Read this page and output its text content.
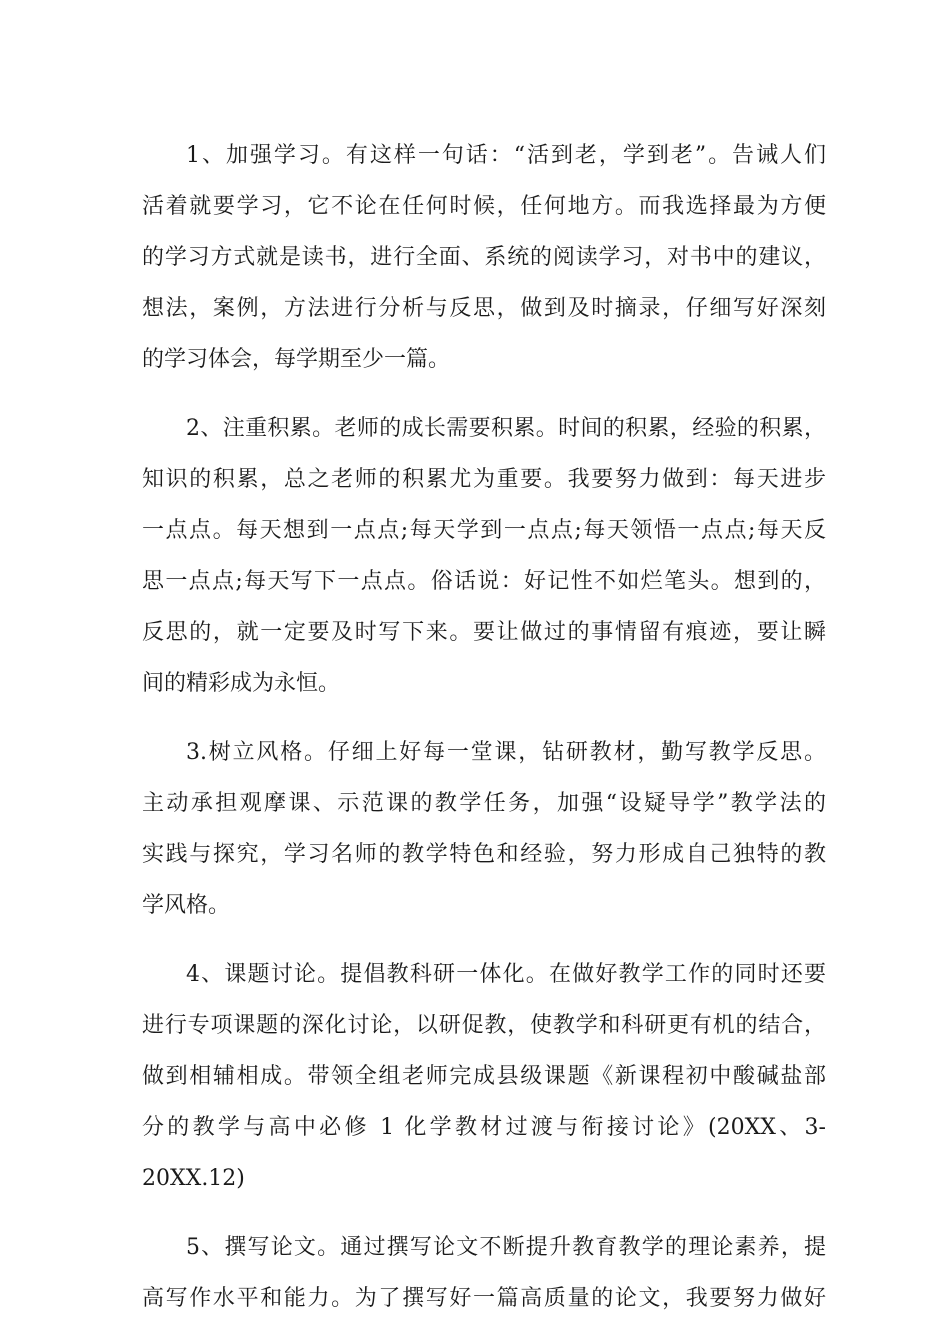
1、加强学习。有这样一句话：“活到老，学到老”。告诫人们
活着就要学习，它不论在任何时候，任何地方。而我选择最为方便
的学习方式就是读书，进行全面、系统的阅读学习，对书中的建议，
想法，案例，方法进行分析与反思，做到及时摘录，仔细写好深刻
的学习体会，每学期至少一篇。
2、注重积累。老师的成长需要积累。时间的积累，经验的积累，
知识的积累，总之老师的积累尤为重要。我要努力做到：每天进步
一点点。每天想到一点点;每天学到一点点;每天领悟一点点;每天反
思一点点;每天写下一点点。俗话说：好记性不如烂笔头。想到的，
反思的，就一定要及时写下来。要让做过的事情留有痕迹，要让瞬
间的精彩成为永恒。
3.树立风格。仔细上好每一堂课，钻研教材，勤写教学反思。
主动承担观摩课、示范课的教学任务，加强“设疑导学”教学法的
实践与探究，学习名师的教学特色和经验，努力形成自己独特的教
学风格。
4、课题讨论。提倡教科研一体化。在做好教学工作的同时还要
进行专项课题的深化讨论，以研促教，使教学和科研更有机的结合，
做到相辅相成。带领全组老师完成县级课题《新课程初中酸碱盐部
分的教学与高中必修 1 化学教材过渡与衔接讨论》(20XX、3-
20XX.12)
5、撰写论文。通过撰写论文不断提升教育教学的理论素养，提
高写作水平和能力。为了撰写好一篇高质量的论文，我要努力做好
